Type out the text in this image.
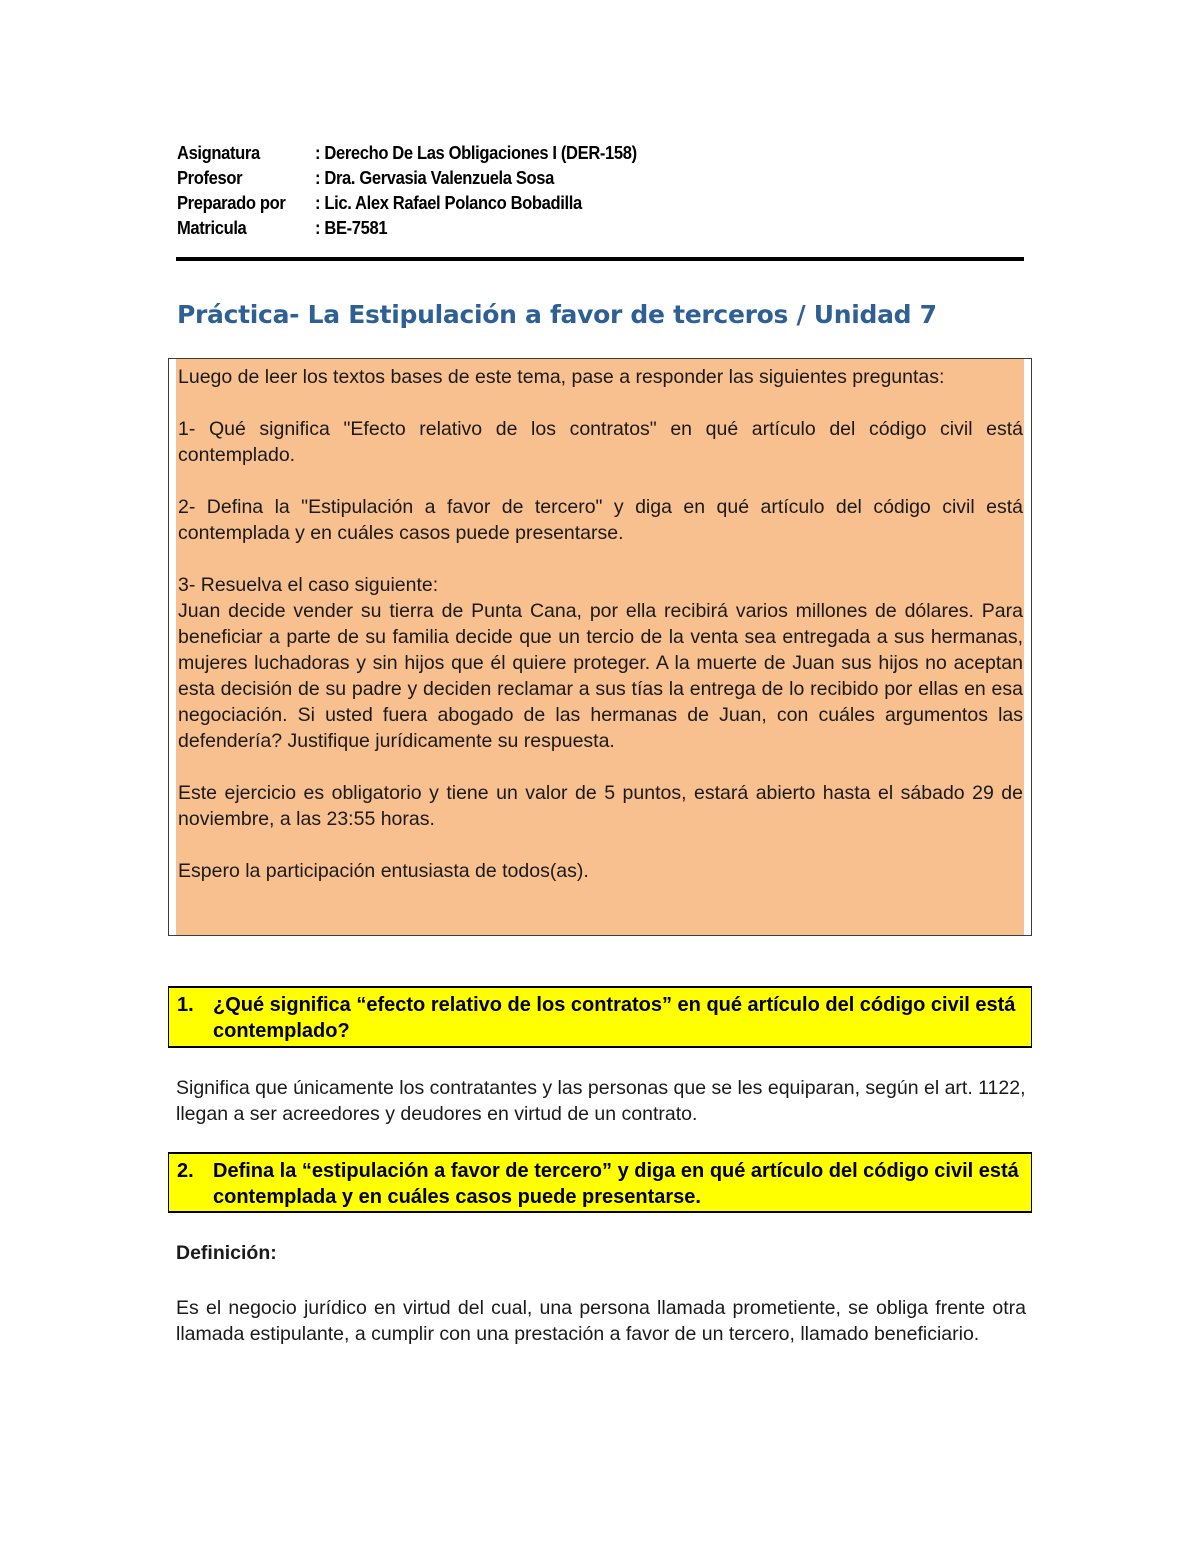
Asignatura	: Derecho De Las Obligaciones I (DER-158)
Profesor	: Dra. Gervasia Valenzuela Sosa
Preparado por	: Lic. Alex Rafael Polanco Bobadilla
Matricula	: BE-7581
Práctica- La Estipulación a favor de terceros / Unidad 7

Luego de leer los textos bases de este tema, pase a responder las siguientes preguntas:

1- Qué significa "Efecto relativo de los contratos" en qué artículo del código civil está contemplado.

2- Defina la "Estipulación a favor de tercero" y diga en qué artículo del código civil está contemplada y en cuáles casos puede presentarse.

3- Resuelva el caso siguiente:
Juan decide vender su tierra de Punta Cana, por ella recibirá varios millones de dólares. Para beneficiar a parte de su familia decide que un tercio de la venta sea entregada a sus hermanas, mujeres luchadoras y sin hijos que él quiere proteger. A la muerte de Juan sus hijos no aceptan esta decisión de su padre y deciden reclamar a sus tías la entrega de lo recibido por ellas en esa negociación. Si usted fuera abogado de las hermanas de Juan, con cuáles argumentos las defendería? Justifique jurídicamente su respuesta.

Este ejercicio es obligatorio y tiene un valor de 5 puntos, estará abierto hasta el sábado 29 de noviembre, a las 23:55 horas.

Espero la participación entusiasta de todos(as).

1. ¿Qué significa “efecto relativo de los contratos” en qué artículo del código civil está contemplado?

Significa que únicamente los contratantes y las personas que se les equiparan, según el art. 1122, llegan a ser acreedores y deudores en virtud de un contrato.

2. Defina la “estipulación a favor de tercero” y diga en qué artículo del código civil está contemplada y en cuáles casos puede presentarse.
Definición:

Es el negocio jurídico en virtud del cual, una persona llamada prometiente, se obliga frente otra llamada estipulante, a cumplir con una prestación a favor de un tercero, llamado beneficiario.
